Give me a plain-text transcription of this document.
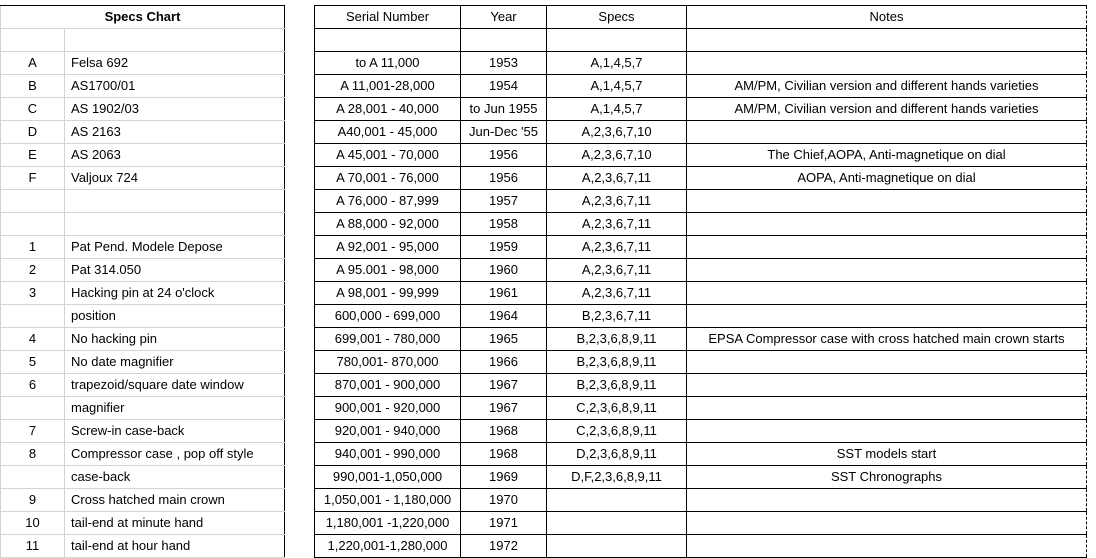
Specs Chart	

A	Felsa 692
B	AS1700/01
C	AS 1902/03
D	AS 2163
E	AS 2063
F	Valjoux 724

1	Pat Pend. Modele Depose
2	Pat 314.050
3	Hacking pin at 24 o'clock
	position
4	No hacking pin
5	No date magnifier
6	trapezoid/square date window
	magnifier
7	Screw-in case-back
8	Compressor case , pop off style
	case-back
9	Cross hatched main crown
10	tail-end at minute hand
11	tail-end at hour hand
Serial Number	Year	Specs	Notes

to A 11,000	1953	A,1,4,5,7	
A 11,001-28,000	1954	A,1,4,5,7	AM/PM, Civilian version and different hands varieties
A 28,001 - 40,000	to Jun 1955	A,1,4,5,7	AM/PM, Civilian version and different hands varieties
A40,001 - 45,000	Jun-Dec '55	A,2,3,6,7,10	
A 45,001 - 70,000	1956	A,2,3,6,7,10	The Chief,AOPA, Anti-magnetique on dial
A 70,001 - 76,000	1956	A,2,3,6,7,11	AOPA, Anti-magnetique on dial
A 76,000 - 87,999	1957	A,2,3,6,7,11	
A 88,000 - 92,000	1958	A,2,3,6,7,11	
A 92,001 - 95,000	1959	A,2,3,6,7,11	
A 95.001 - 98,000	1960	A,2,3,6,7,11	
A 98,001 - 99,999	1961	A,2,3,6,7,11	
600,000 - 699,000	1964	B,2,3,6,7,11	
699,001 - 780,000	1965	B,2,3,6,8,9,11	EPSA Compressor case with cross hatched main crown starts
780,001- 870,000	1966	B,2,3,6,8,9,11	
870,001 - 900,000	1967	B,2,3,6,8,9,11	
900,001 - 920,000	1967	C,2,3,6,8,9,11	
920,001 - 940,000	1968	C,2,3,6,8,9,11	
940,001 - 990,000	1968	D,2,3,6,8,9,11	SST models start
990,001-1,050,000	1969	D,F,2,3,6,8,9,11	SST Chronographs
1,050,001 - 1,180,000	1970		
1,180,001 -1,220,000	1971		
1,220,001-1,280,000	1972		
